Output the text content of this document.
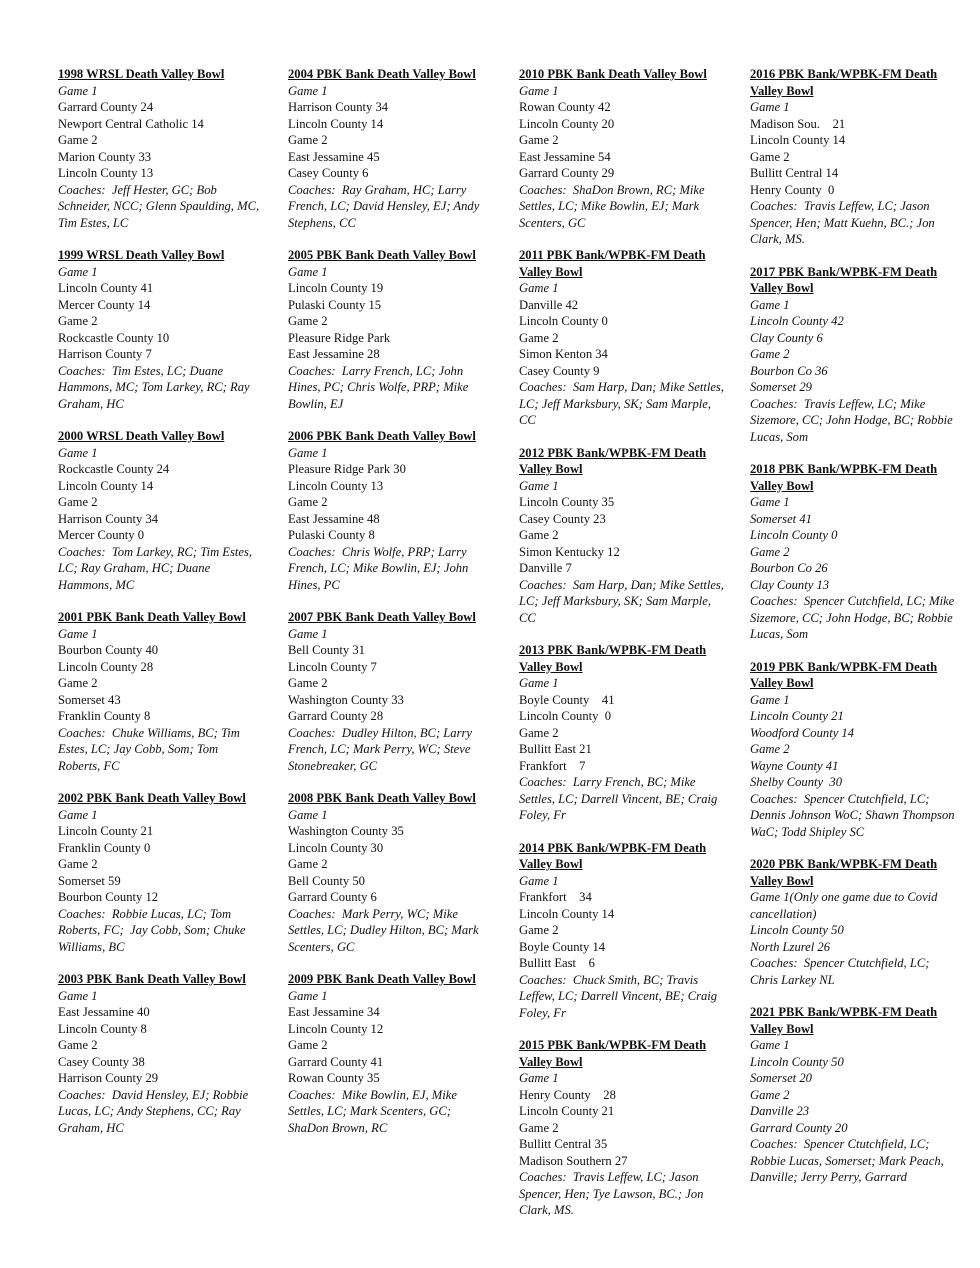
1998 WRSL Death Valley Bowl
Game 1
Garrard County 24
Newport Central Catholic 14
Game 2
Marion County 33
Lincoln County 13
Coaches:  Jeff Hester, GC; Bob Schneider, NCC; Glenn Spaulding, MC, Tim Estes, LC
1999 WRSL Death Valley Bowl
Game 1
Lincoln County 41
Mercer County 14
Game 2
Rockcastle County 10
Harrison County 7
Coaches:  Tim Estes, LC; Duane Hammons, MC; Tom Larkey, RC; Ray Graham, HC
2000 WRSL Death Valley Bowl
Game 1
Rockcastle County 24
Lincoln County 14
Game 2
Harrison County 34
Mercer County 0
Coaches:  Tom Larkey, RC; Tim Estes, LC; Ray Graham, HC; Duane Hammons, MC
2001 PBK Bank Death Valley Bowl
Game 1
Bourbon County 40
Lincoln County 28
Game 2
Somerset 43
Franklin County 8
Coaches:  Chuke Williams, BC; Tim Estes, LC; Jay Cobb, Som; Tom Roberts, FC
2002 PBK Bank Death Valley Bowl
Game 1
Lincoln County 21
Franklin County 0
Game 2
Somerset 59
Bourbon County 12
Coaches:  Robbie Lucas, LC; Tom Roberts, FC;  Jay Cobb, Som; Chuke Williams, BC
2003 PBK Bank Death Valley Bowl
Game 1
East Jessamine 40
Lincoln County 8
Game 2
Casey County 38
Harrison County 29
Coaches:  David Hensley, EJ; Robbie Lucas, LC; Andy Stephens, CC; Ray Graham, HC
2004 PBK Bank Death Valley Bowl
Game 1
Harrison County 34
Lincoln County 14
Game 2
East Jessamine 45
Casey County 6
Coaches:  Ray Graham, HC; Larry French, LC; David Hensley, EJ; Andy Stephens, CC
2005 PBK Bank Death Valley Bowl
Game 1
Lincoln County 19
Pulaski County 15
Game 2
Pleasure Ridge Park
East Jessamine 28
Coaches:  Larry French, LC; John Hines, PC; Chris Wolfe, PRP; Mike Bowlin, EJ
2006 PBK Bank Death Valley Bowl
Game 1
Pleasure Ridge Park 30
Lincoln County 13
Game 2
East Jessamine 48
Pulaski County 8
Coaches:  Chris Wolfe, PRP; Larry French, LC; Mike Bowlin, EJ; John Hines, PC
2007 PBK Bank Death Valley Bowl
Game 1
Bell County 31
Lincoln County 7
Game 2
Washington County 33
Garrard County 28
Coaches:  Dudley Hilton, BC; Larry French, LC; Mark Perry, WC; Steve Stonebreaker, GC
2008 PBK Bank Death Valley Bowl
Game 1
Washington County 35
Lincoln County 30
Game 2
Bell County 50
Garrard County 6
Coaches:  Mark Perry, WC; Mike Settles, LC; Dudley Hilton, BC; Mark Scenters, GC
2009 PBK Bank Death Valley Bowl
Game 1
East Jessamine 34
Lincoln County 12
Game 2
Garrard County 41
Rowan County 35
Coaches:  Mike Bowlin, EJ, Mike Settles, LC; Mark Scenters, GC; ShaDon Brown, RC
2010 PBK Bank Death Valley Bowl
Game 1
Rowan County 42
Lincoln County 20
Game 2
East Jessamine 54
Garrard County 29
Coaches:  ShaDon Brown, RC; Mike Settles, LC; Mike Bowlin, EJ; Mark Scenters, GC
2011 PBK Bank/WPBK-FM Death Valley Bowl
Game 1
Danville 42
Lincoln County 0
Game 2
Simon Kenton 34
Casey County 9
Coaches:  Sam Harp, Dan; Mike Settles, LC; Jeff Marksbury, SK; Sam Marple, CC
2012 PBK Bank/WPBK-FM Death Valley Bowl
Game 1
Lincoln County 35
Casey County 23
Game 2
Simon Kentucky 12
Danville 7
Coaches:  Sam Harp, Dan; Mike Settles, LC; Jeff Marksbury, SK; Sam Marple, CC
2013 PBK Bank/WPBK-FM Death Valley Bowl
Game 1
Boyle County    41
Lincoln County  0
Game 2
Bullitt East 21
Frankfort    7
Coaches:  Larry French, BC; Mike Settles, LC; Darrell Vincent, BE; Craig Foley, Fr
2014 PBK Bank/WPBK-FM Death Valley Bowl
Game 1
Frankfort    34
Lincoln County 14
Game 2
Boyle County 14
Bullitt East    6
Coaches:  Chuck Smith, BC; Travis Leffew, LC; Darrell Vincent, BE; Craig Foley, Fr
2015 PBK Bank/WPBK-FM Death Valley Bowl
Game 1
Henry County    28
Lincoln County 21
Game 2
Bullitt Central 35
Madison Southern 27
Coaches:  Travis Leffew, LC; Jason Spencer, Hen; Tye Lawson, BC.; Jon Clark, MS.
2016 PBK Bank/WPBK-FM Death Valley Bowl
Game 1
Madison Sou.    21
Lincoln County 14
Game 2
Bullitt Central 14
Henry County  0
Coaches:  Travis Leffew, LC; Jason Spencer, Hen; Matt Kuehn, BC.; Jon Clark, MS.
2017 PBK Bank/WPBK-FM Death Valley Bowl
Game 1
Lincoln County 42
Clay County 6
Game 2
Bourbon Co 36
Somerset 29
Coaches:  Travis Leffew, LC; Mike Sizemore, CC; John Hodge, BC; Robbie Lucas, Som
2018 PBK Bank/WPBK-FM Death Valley Bowl
Game 1
Somerset 41
Lincoln County 0
Game 2
Bourbon Co 26
Clay County 13
Coaches:  Spencer Cutchfield, LC; Mike Sizemore, CC; John Hodge, BC; Robbie Lucas, Som
2019 PBK Bank/WPBK-FM Death Valley Bowl
Game 1
Lincoln County 21
Woodford County 14
Game 2
Wayne County 41
Shelby County  30
Coaches:  Spencer Ctutchfield, LC; Dennis Johnson WoC; Shawn Thompson WaC; Todd Shipley SC
2020 PBK Bank/WPBK-FM Death Valley Bowl
Game 1(Only one game due to Covid cancellation)
Lincoln County 50
North Lzurel 26
Coaches:  Spencer Ctutchfield, LC; Chris Larkey NL
2021 PBK Bank/WPBK-FM Death Valley Bowl
Game 1
Lincoln County 50
Somerset 20
Game 2
Danville 23
Garrard County 20
Coaches:  Spencer Ctutchfield, LC; Robbie Lucas, Somerset; Mark Peach, Danville; Jerry Perry, Garrard
